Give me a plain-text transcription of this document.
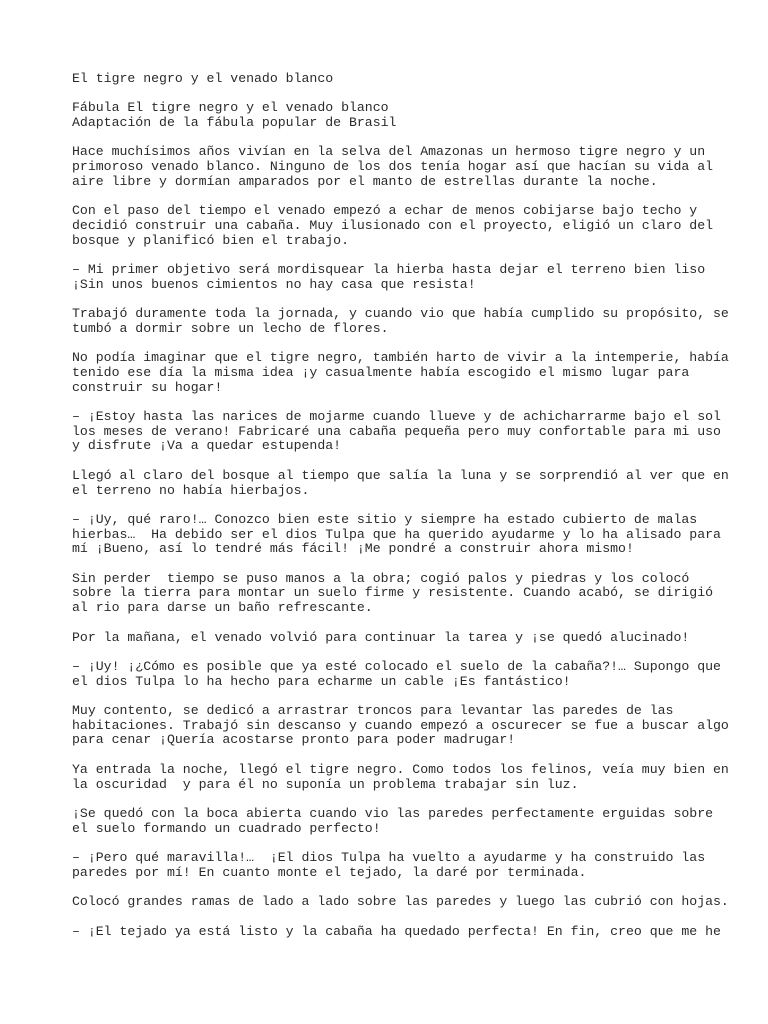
El tigre negro y el venado blanco
Fábula El tigre negro y el venado blanco
Adaptación de la fábula popular de Brasil
Hace muchísimos años vivían en la selva del Amazonas un hermoso tigre negro y un
primoroso venado blanco. Ninguno de los dos tenía hogar así que hacían su vida al
aire libre y dormían amparados por el manto de estrellas durante la noche.
Con el paso del tiempo el venado empezó a echar de menos cobijarse bajo techo y
decidió construir una cabaña. Muy ilusionado con el proyecto, eligió un claro del
bosque y planificó bien el trabajo.
– Mi primer objetivo será mordisquear la hierba hasta dejar el terreno bien liso
¡Sin unos buenos cimientos no hay casa que resista!
Trabajó duramente toda la jornada, y cuando vio que había cumplido su propósito, se
tumbó a dormir sobre un lecho de flores.
No podía imaginar que el tigre negro, también harto de vivir a la intemperie, había
tenido ese día la misma idea ¡y casualmente había escogido el mismo lugar para
construir su hogar!
– ¡Estoy hasta las narices de mojarme cuando llueve y de achicharrarme bajo el sol
los meses de verano! Fabricaré una cabaña pequeña pero muy confortable para mi uso
y disfrute ¡Va a quedar estupenda!
Llegó al claro del bosque al tiempo que salía la luna y se sorprendió al ver que en
el terreno no había hierbajos.
– ¡Uy, qué raro!… Conozco bien este sitio y siempre ha estado cubierto de malas
hierbas…  Ha debido ser el dios Tulpa que ha querido ayudarme y lo ha alisado para
mí ¡Bueno, así lo tendré más fácil! ¡Me pondré a construir ahora mismo!
Sin perder  tiempo se puso manos a la obra; cogió palos y piedras y los colocó
sobre la tierra para montar un suelo firme y resistente. Cuando acabó, se dirigió
al rio para darse un baño refrescante.
Por la mañana, el venado volvió para continuar la tarea y ¡se quedó alucinado!
– ¡Uy! ¡¿Cómo es posible que ya esté colocado el suelo de la cabaña?!… Supongo que
el dios Tulpa lo ha hecho para echarme un cable ¡Es fantástico!
Muy contento, se dedicó a arrastrar troncos para levantar las paredes de las
habitaciones. Trabajó sin descanso y cuando empezó a oscurecer se fue a buscar algo
para cenar ¡Quería acostarse pronto para poder madrugar!
Ya entrada la noche, llegó el tigre negro. Como todos los felinos, veía muy bien en
la oscuridad  y para él no suponía un problema trabajar sin luz.
¡Se quedó con la boca abierta cuando vio las paredes perfectamente erguidas sobre
el suelo formando un cuadrado perfecto!
– ¡Pero qué maravilla!…  ¡El dios Tulpa ha vuelto a ayudarme y ha construido las
paredes por mí! En cuanto monte el tejado, la daré por terminada.
Colocó grandes ramas de lado a lado sobre las paredes y luego las cubrió con hojas.
– ¡El tejado ya está listo y la cabaña ha quedado perfecta! En fin, creo que me he
